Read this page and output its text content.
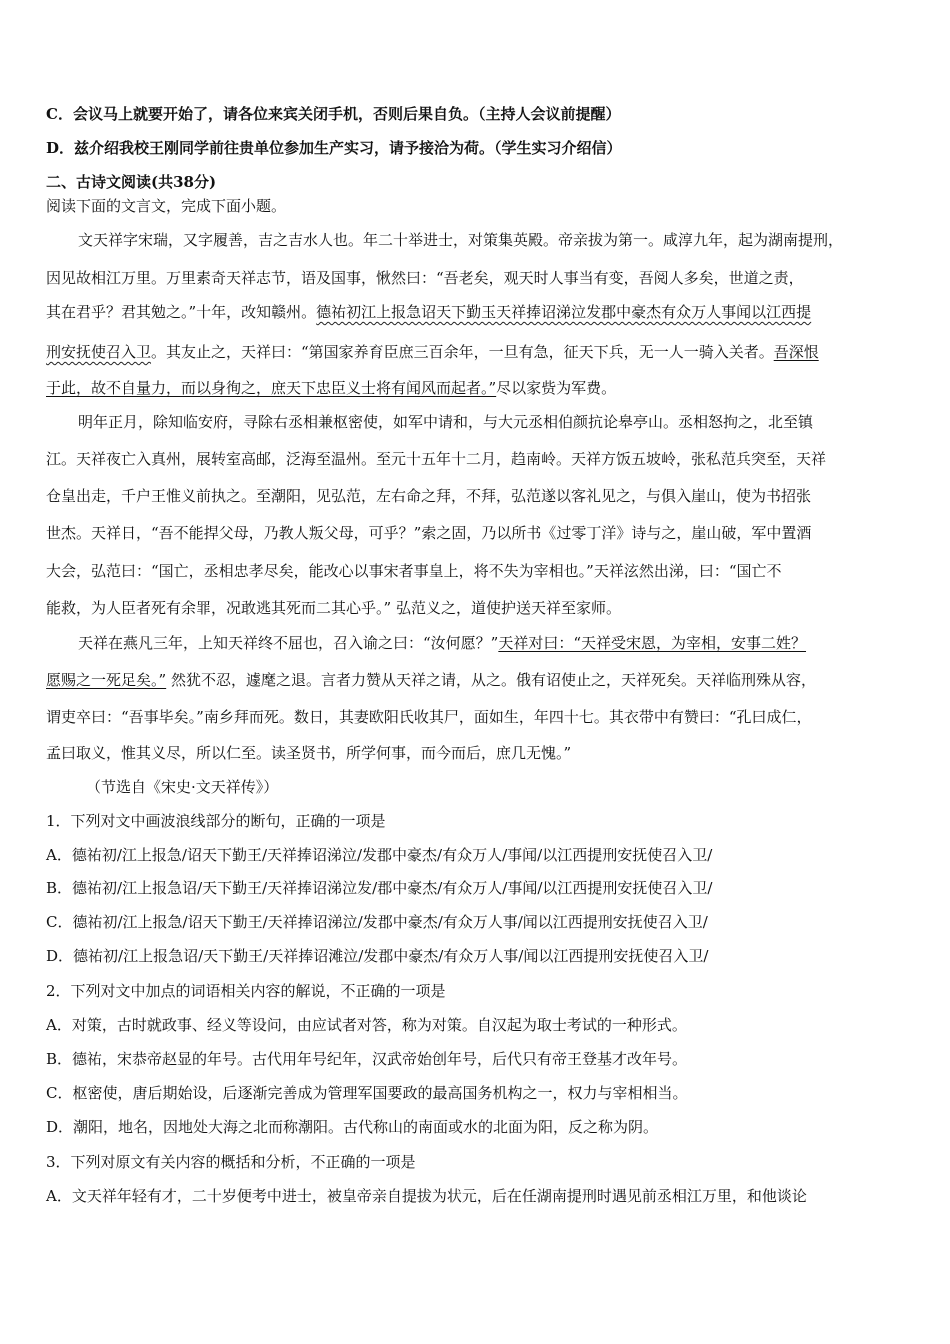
C．会议马上就要开始了，请各位来宾关闭手机，否则后果自负。（主持人会议前提醒）
D．兹介绍我校王刚同学前往贵单位参加生产实习，请予接洽为荷。（学生实习介绍信）
二、古诗文阅读(共38分)
阅读下面的文言文，完成下面小题。
文天祥字宋瑞，又字履善，吉之吉水人也。年二十举进士，对策集英殿。帝亲拔为第一。咸淳九年，起为湖南提刑，
因见故相江万里。万里素奇天祥志节，语及国事，愀然曰：“吾老矣，观天时人事当有变，吾阅人多矣，世道之责，
其在君乎？君其勉之。”十年，改知赣州。德祐初江上报急诏天下勤玉天祥捧诏涕泣发郡中豪杰有众万人事闻以江西提
刑安抚使召入卫。其友止之，天祥曰：“第国家养育臣庶三百余年，一旦有急，征天下兵，无一人一骑入关者。吾深恨
于此，故不自量力，而以身徇之，庶天下忠臣义士将有闻风而起者。”尽以家赀为军费。
明年正月，除知临安府，寻除右丞相兼枢密使，如军中请和，与大元丞相伯颜抗论皋亭山。丞相怒拘之，北至镇
江。天祥夜亡入真州，展转室高邮，泛海至温州。至元十五年十二月，趋南岭。天祥方饭五坡岭，张私范兵突至，天祥
仓皇出走，千户王惟义前执之。至潮阳，见弘范，左右命之拜，不拜，弘范遂以客礼见之，与俱入崖山，使为书招张
世杰。天祥日，“吾不能捍父母，乃教人叛父母，可乎？”索之固，乃以所书《过零丁洋》诗与之，崖山破，军中置酒
大会，弘范曰：“国亡，丞相忠孝尽矣，能改心以事宋者事皇上，将不失为宰相也。”天祥泫然出涕，曰：“国亡不
能救，为人臣者死有余罪，况敢逃其死而二其心乎。” 弘范义之，道使护送天祥至家师。
天祥在燕凡三年，上知天祥终不屈也，召入谕之曰：“汝何愿？”天祥对曰：“天祥受宋恩，为宰相，安事二姓？
愿赐之一死足矣。” 然犹不忍，遽麾之退。言者力赞从天祥之请，从之。俄有诏使止之，天祥死矣。天祥临刑殊从容，
谓吏卒曰：“吾事毕矣。”南乡拜而死。数日，其妻欧阳氏收其尸，面如生，年四十七。其衣带中有赞曰：“孔曰成仁，
孟曰取义，惟其义尽，所以仁至。读圣贤书，所学何事，而今而后，庶几无愧。”
（节选自《宋史·文天祥传》）
1．下列对文中画波浪线部分的断句，正确的一项是
A．德祐初/江上报急/诏天下勤王/天祥捧诏涕泣/发郡中豪杰/有众万人/事闻/以江西提刑安抚使召入卫/
B．德祐初/江上报急诏/天下勤王/天祥捧诏涕泣发/郡中豪杰/有众万人/事闻/以江西提刑安抚使召入卫/
C．德祐初/江上报急/诏天下勤王/天祥捧诏涕泣/发郡中豪杰/有众万人事/闻以江西提刑安抚使召入卫/
D．德祐初/江上报急诏/天下勤王/天祥捧诏滩泣/发郡中豪杰/有众万人事/闻以江西提刑安抚使召入卫/
2．下列对文中加点的词语相关内容的解说，不正确的一项是
A．对策，古时就政事、经义等设问，由应试者对答，称为对策。自汉起为取士考试的一种形式。
B．德祐，宋恭帝赵显的年号。古代用年号纪年，汉武帝始创年号，后代只有帝王登基才改年号。
C．枢密使，唐后期始设，后逐渐完善成为管理军国要政的最高国务机构之一，权力与宰相相当。
D．潮阳，地名，因地处大海之北而称潮阳。古代称山的南面或水的北面为阳，反之称为阴。
3．下列对原文有关内容的概括和分析，不正确的一项是
A．文天祥年轻有才，二十岁便考中进士，被皇帝亲自提拔为状元，后在任湖南提刑时遇见前丞相江万里，和他谈论
